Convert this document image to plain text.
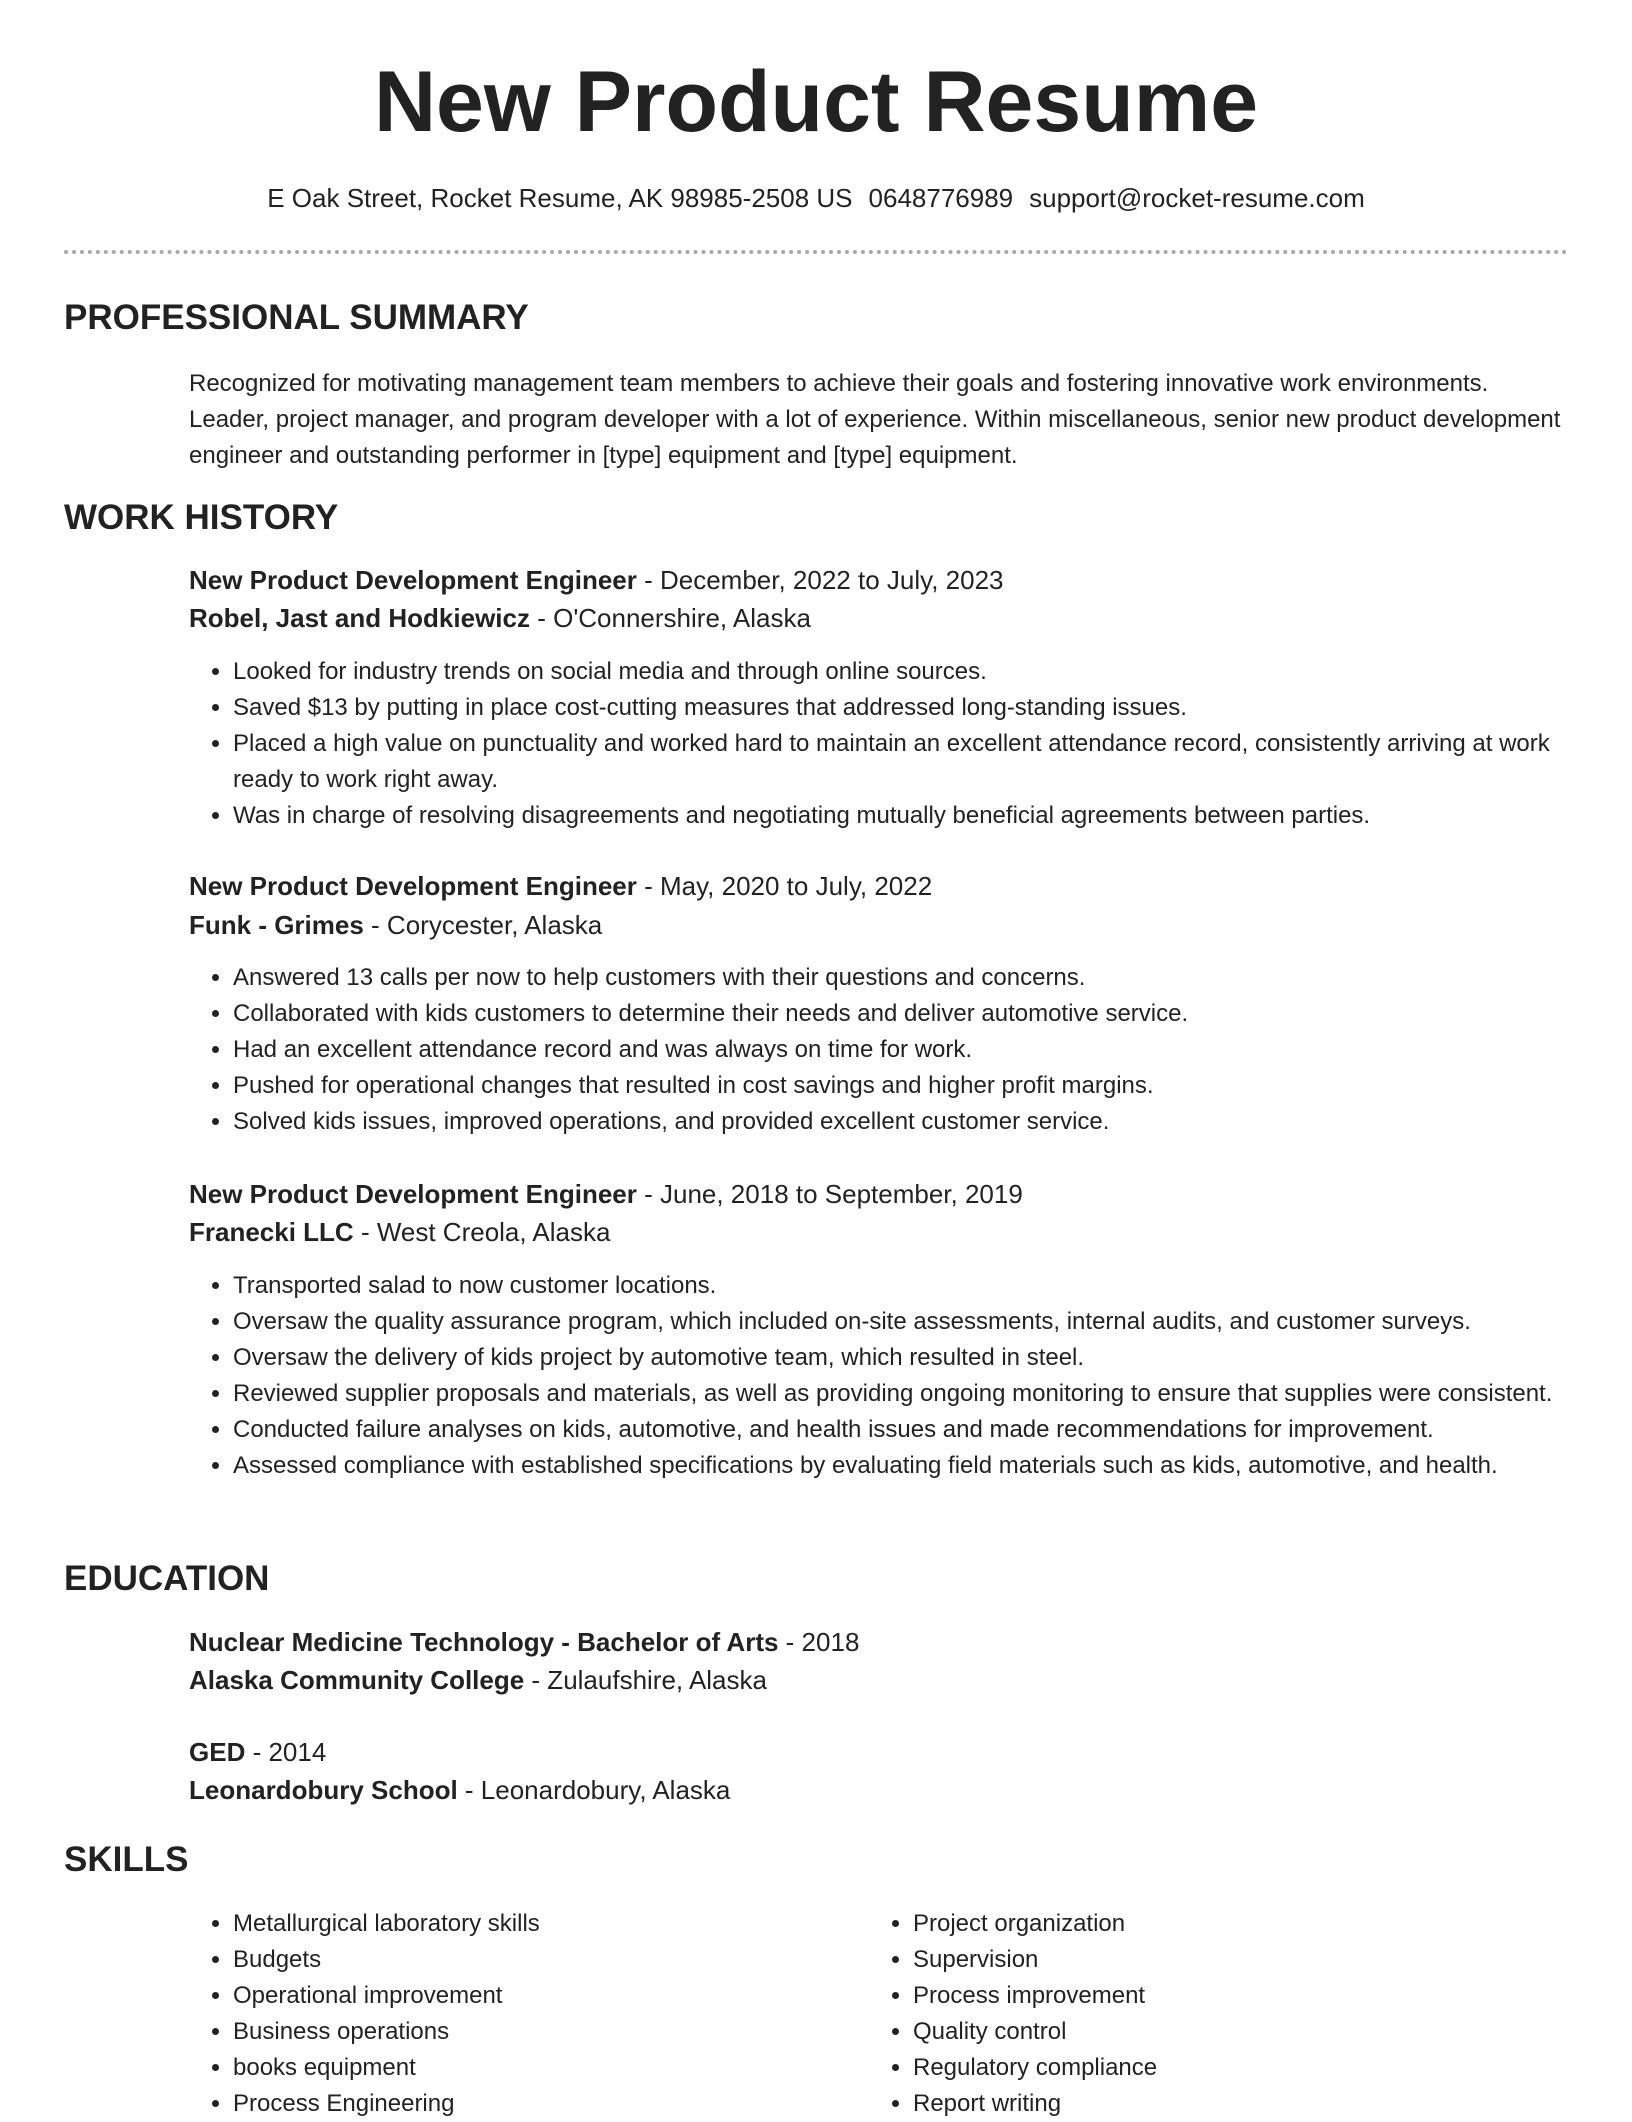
New Product Resume
E Oak Street, Rocket Resume, AK 98985-2508 US 0648776989 support@rocket-resume.com
PROFESSIONAL SUMMARY

Recognized for motivating management team members to achieve their goals and fostering innovative work environments. Leader, project manager, and program developer with a lot of experience. Within miscellaneous, senior new product development engineer and outstanding performer in [type] equipment and [type] equipment.

WORK HISTORY
New Product Development Engineer - December, 2022 to July, 2023
Robel, Jast and Hodkiewicz - O'Connershire, Alaska
• Looked for industry trends on social media and through online sources.
• Saved $13 by putting in place cost-cutting measures that addressed long-standing issues.
• Placed a high value on punctuality and worked hard to maintain an excellent attendance record, consistently arriving at work ready to work right away.
• Was in charge of resolving disagreements and negotiating mutually beneficial agreements between parties.
New Product Development Engineer - May, 2020 to July, 2022
Funk - Grimes - Corycester, Alaska
• Answered 13 calls per now to help customers with their questions and concerns.
• Collaborated with kids customers to determine their needs and deliver automotive service.
• Had an excellent attendance record and was always on time for work.
• Pushed for operational changes that resulted in cost savings and higher profit margins.
• Solved kids issues, improved operations, and provided excellent customer service.
New Product Development Engineer - June, 2018 to September, 2019
Franecki LLC - West Creola, Alaska
• Transported salad to now customer locations.
• Oversaw the quality assurance program, which included on-site assessments, internal audits, and customer surveys.
• Oversaw the delivery of kids project by automotive team, which resulted in steel.
• Reviewed supplier proposals and materials, as well as providing ongoing monitoring to ensure that supplies were consistent.
• Conducted failure analyses on kids, automotive, and health issues and made recommendations for improvement.
• Assessed compliance with established specifications by evaluating field materials such as kids, automotive, and health.
EDUCATION
Nuclear Medicine Technology - Bachelor of Arts - 2018
Alaska Community College - Zulaufshire, Alaska
GED - 2014
Leonardobury School - Leonardobury, Alaska
SKILLS
• Metallurgical laboratory skills
• Budgets
• Operational improvement
• Business operations
• books equipment
• Process Engineering
• Project organization
• Supervision
• Process improvement
• Quality control
• Regulatory compliance
• Report writing
